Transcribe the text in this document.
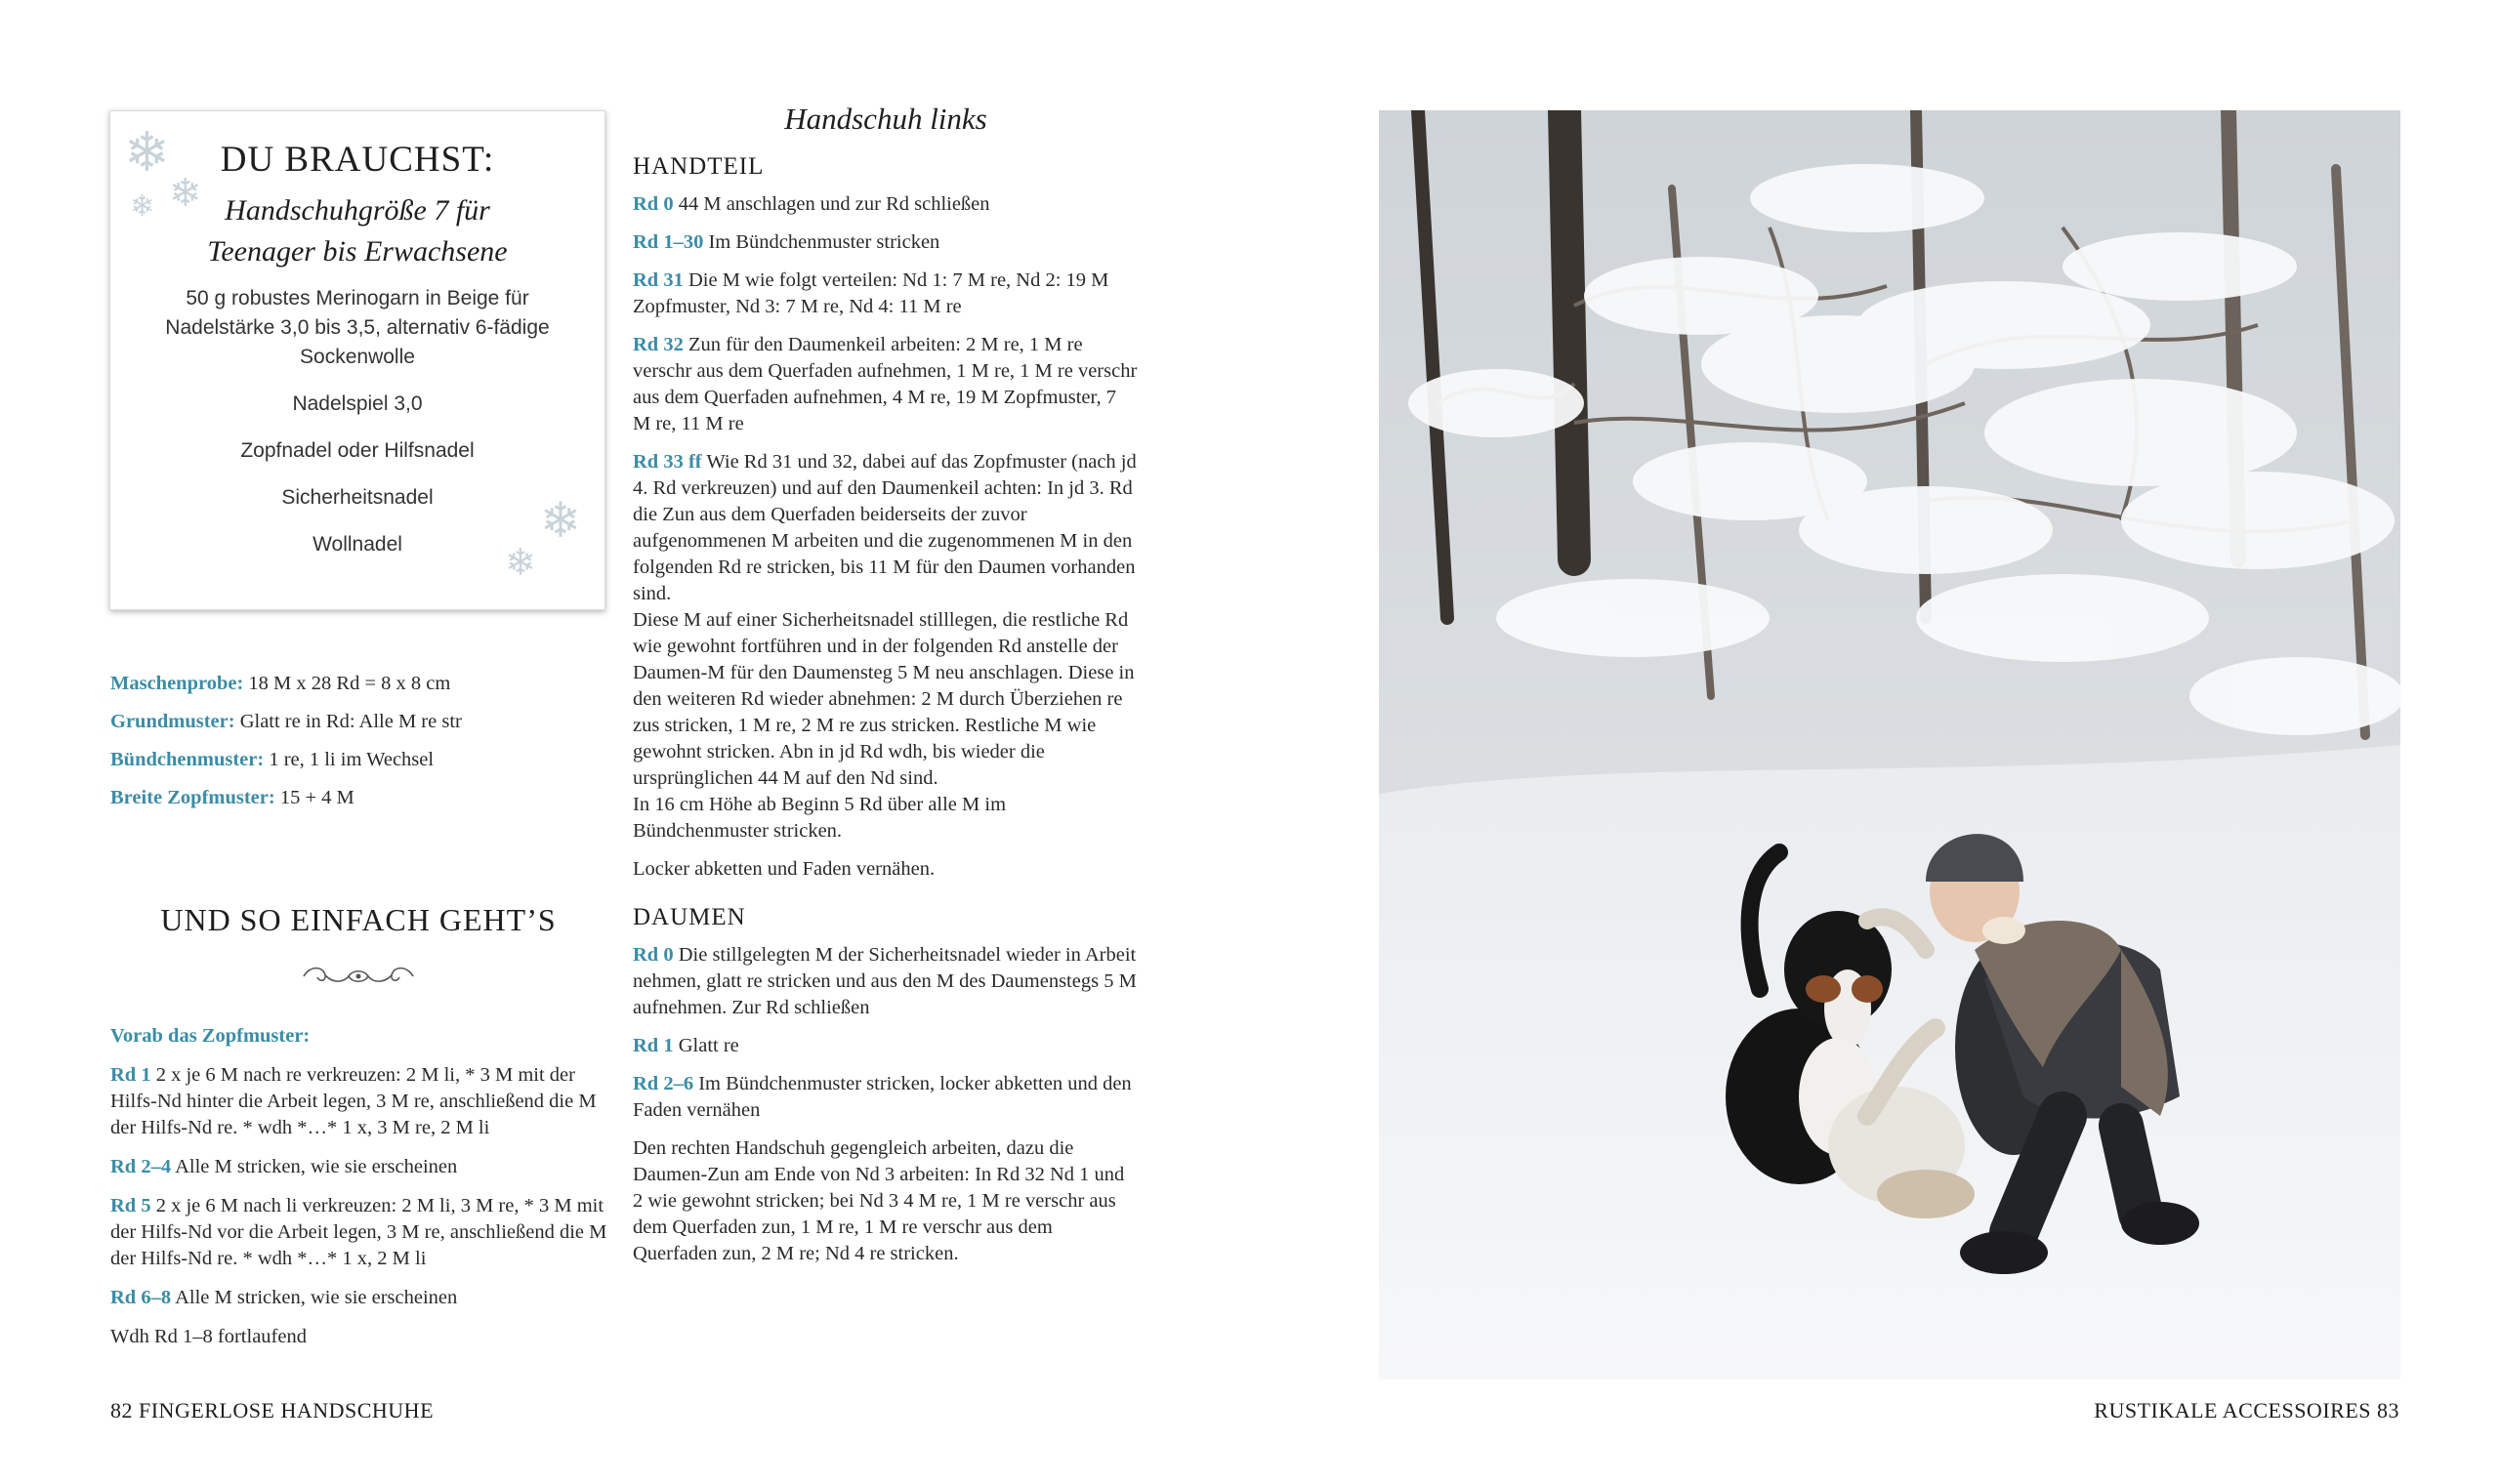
❄
❄
❄
❄
❄
DU BRAUCHST:
Handschuhgröße 7 für
Teenager bis Erwachsene
50 g robustes Merinogarn in Beige für Nadelstärke 3,0 bis 3,5, alternativ 6-fädige Sockenwolle
Nadelspiel 3,0
Zopfnadel oder Hilfsnadel
Sicherheitsnadel
Wollnadel
Maschenprobe: 18 M x 28 Rd = 8 x 8 cm
Grundmuster: Glatt re in Rd: Alle M re str
Bündchenmuster: 1 re, 1 li im Wechsel
Breite Zopfmuster: 15 + 4 M
UND SO EINFACH GEHT’S

Vorab das Zopfmuster:

Rd 1 2 x je 6 M nach re verkreuzen: 2 M li, * 3 M mit der Hilfs-Nd hinter die Arbeit legen, 3 M re, anschließend die M der Hilfs-Nd re. * wdh *…* 1 x, 3 M re, 2 M li

Rd 2–4 Alle M stricken, wie sie erscheinen

Rd 5 2 x je 6 M nach li verkreuzen: 2 M li, 3 M re, * 3 M mit der Hilfs-Nd vor die Arbeit legen, 3 M re, anschließend die M der Hilfs-Nd re. * wdh *…* 1 x, 2 M li

Rd 6–8 Alle M stricken, wie sie erscheinen

Wdh Rd 1–8 fortlaufend

Handschuh links
HANDTEIL

Rd 0 44 M anschlagen und zur Rd schließen

Rd 1–30 Im Bündchenmuster stricken

Rd 31 Die M wie folgt verteilen: Nd 1: 7 M re, Nd 2: 19 M Zopfmuster, Nd 3: 7 M re, Nd 4: 11 M re

Rd 32 Zun für den Daumenkeil arbeiten: 2 M re, 1 M re verschr aus dem Querfaden aufnehmen, 1 M re, 1 M re verschr aus dem Querfaden aufnehmen, 4 M re, 19 M Zopfmuster, 7 M re, 11 M re

Rd 33 ff Wie Rd 31 und 32, dabei auf das Zopfmuster (nach jd 4. Rd verkreuzen) und auf den Daumenkeil achten: In jd 3. Rd die Zun aus dem Querfaden beiderseits der zuvor aufgenommenen M arbeiten und die zugenommenen M in den folgenden Rd re stricken, bis 11 M für den Daumen vorhanden sind.

Diese M auf einer Sicherheitsnadel stilllegen, die restliche Rd wie gewohnt fortführen und in der folgenden Rd anstelle der Daumen-M für den Daumensteg 5 M neu anschlagen. Diese in den weiteren Rd wieder abnehmen: 2 M durch Überziehen re zus stricken, 1 M re, 2 M re zus stricken. Restliche M wie gewohnt stricken. Abn in jd Rd wdh, bis wieder die ursprünglichen 44 M auf den Nd sind.

In 16 cm Höhe ab Beginn 5 Rd über alle M im Bündchenmuster stricken.

Locker abketten und Faden vernähen.

DAUMEN

Rd 0 Die stillgelegten M der Sicherheitsnadel wieder in Arbeit nehmen, glatt re stricken und aus den M des Daumenstegs 5 M aufnehmen. Zur Rd schließen

Rd 1 Glatt re

Rd 2–6 Im Bündchenmuster stricken, locker abketten und den Faden vernähen

Den rechten Handschuh gegengleich arbeiten, dazu die Daumen-Zun am Ende von Nd 3 arbeiten: In Rd 32 Nd 1 und 2 wie gewohnt stricken; bei Nd 3 4 M re, 1 M re verschr aus dem Querfaden zun, 1 M re, 1 M re verschr aus dem Querfaden zun, 2 M re; Nd 4 re stricken.

82 FINGERLOSE HANDSCHUHE	RUSTIKALE ACCESSOIRES 83
